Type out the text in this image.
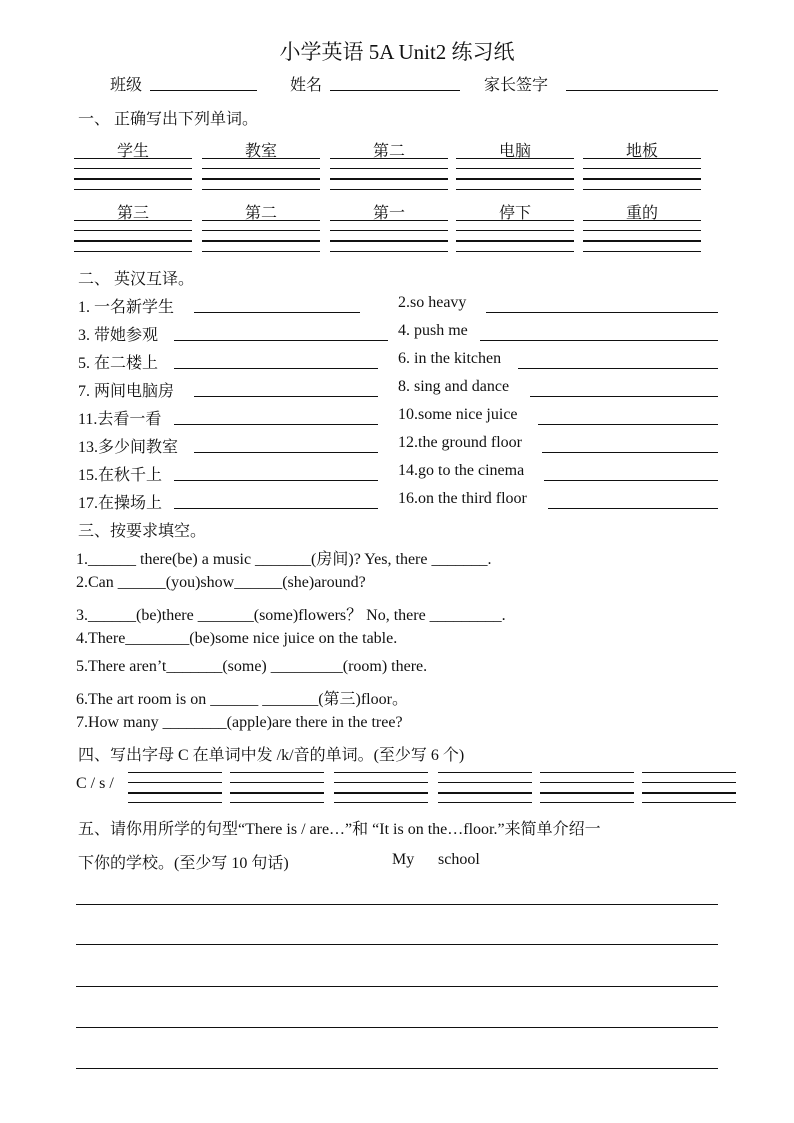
小学英语 5A Unit2 练习纸
班级	姓名	家长签字
一、 正确写出下列单词。
学生	教室	第二	电脑	地板
第三	第二	第一	停下	重的
二、 英汉互译。
1. 一名新学生	2.so heavy
3. 带她参观	4. push me
5. 在二楼上	6. in the kitchen
7. 两间电脑房	8. sing and dance
11.去看一看	10.some nice juice
13.多少间教室	12.the ground floor
15.在秋千上	14.go to the cinema
17.在操场上	16.on the third floor
三、按要求填空。
1.______ there(be) a music _______(房间)? Yes, there _______.
2.Can ______(you)show______(she)around?
3.______(be)there _______(some)flowers？ No, there _________.
4.There________(be)some nice juice on the table.
5.There aren’t_______(some) _________(room) there.
6.The art room is on ______ _______(第三)floor。
7.How many ________(apple)are there in the tree?
四、写出字母 C 在单词中发 /k/音的单词。(至少写 6 个)
C / s /
五、请你用所学的句型“There is / are…”和 “It is on the…floor.”来简单介绍一
下你的学校。(至少写 10 句话)	My school
